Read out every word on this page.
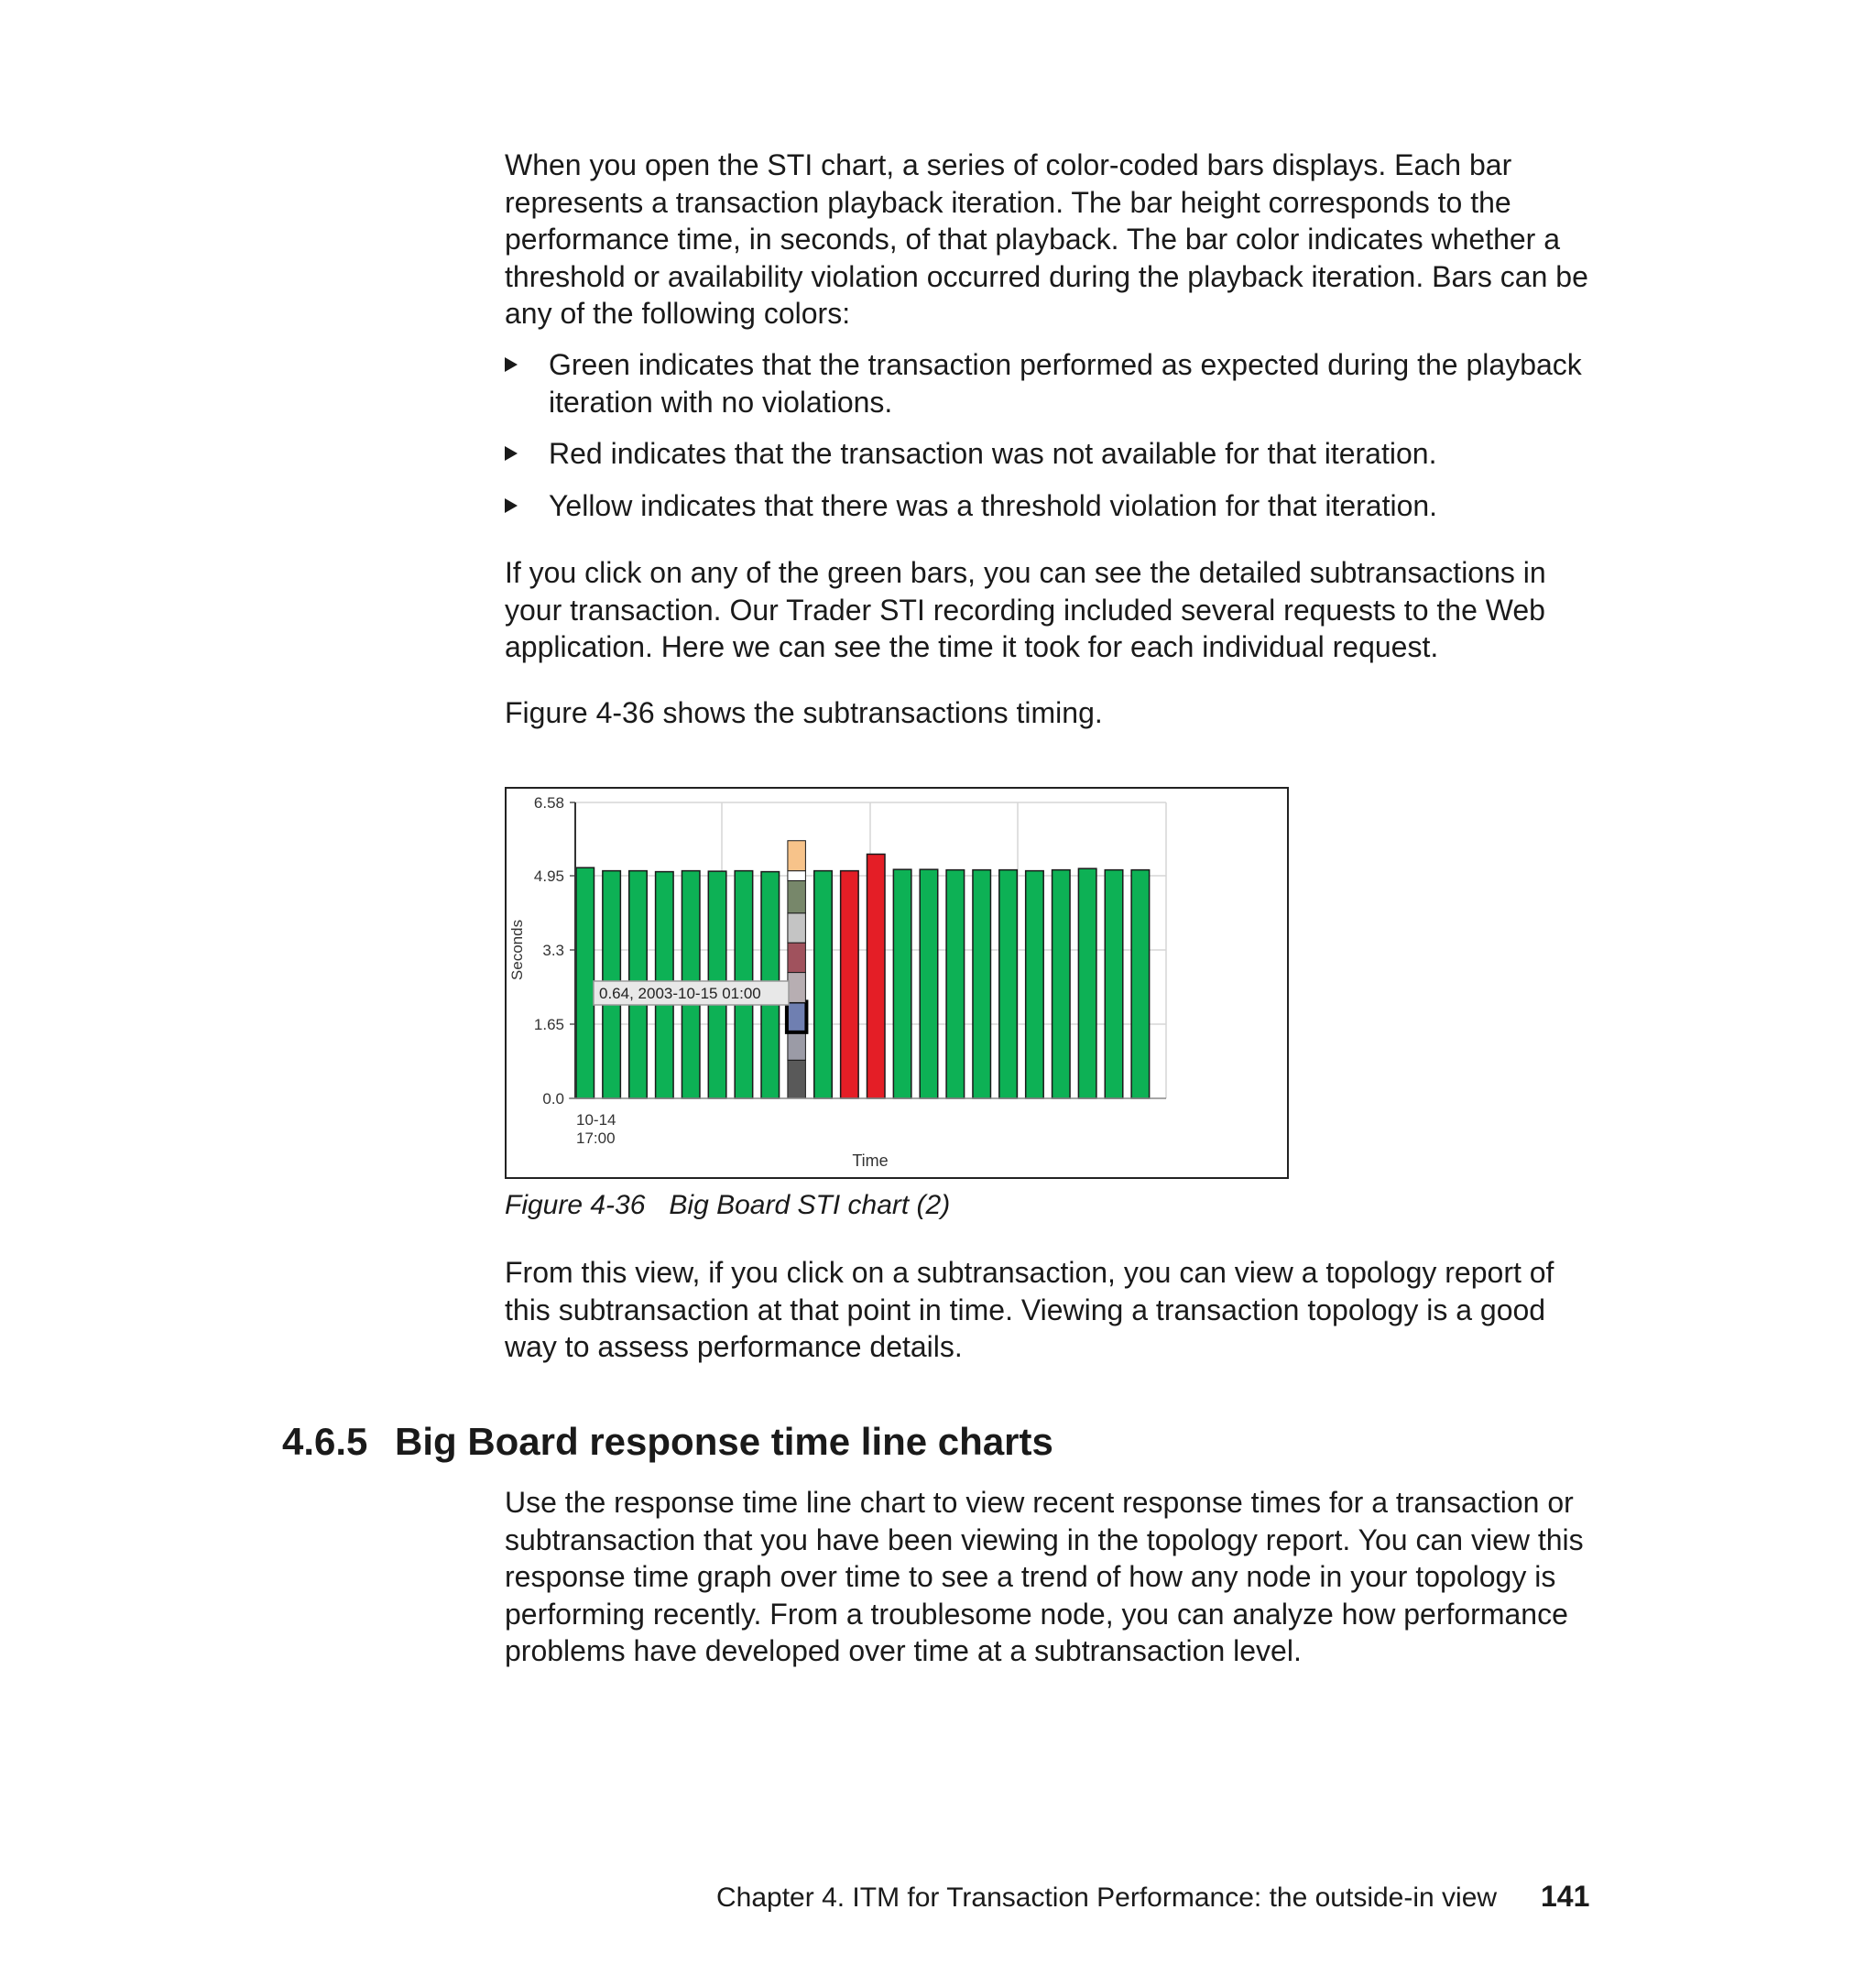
When you open the STI chart, a series of color-coded bars displays. Each bar represents a transaction playback iteration. The bar height corresponds to the performance time, in seconds, of that playback. The bar color indicates whether a threshold or availability violation occurred during the playback iteration. Bars can be any of the following colors:

Green indicates that the transaction performed as expected during the playback iteration with no violations.
Red indicates that the transaction was not available for that iteration.
Yellow indicates that there was a threshold violation for that iteration.

If you click on any of the green bars, you can see the detailed subtransactions in your transaction. Our Trader STI recording included several requests to the Web application. Here we can see the time it took for each individual request.

Figure 4-36 shows the subtransactions timing.

6.58
4.95
3.3
1.65
0.0
Seconds
10-14
17:00
Time
0.64, 2003-10-15 01:00
Figure 4-36 Big Board STI chart (2)

From this view, if you click on a subtransaction, you can view a topology report of this subtransaction at that point in time. Viewing a transaction topology is a good way to assess performance details.

4.6.5 Big Board response time line charts

Use the response time line chart to view recent response times for a transaction or subtransaction that you have been viewing in the topology report. You can view this response time graph over time to see a trend of how any node in your topology is performing recently. From a troublesome node, you can analyze how performance problems have developed over time at a subtransaction level.

Chapter 4. ITM for Transaction Performance: the outside-in view 141
